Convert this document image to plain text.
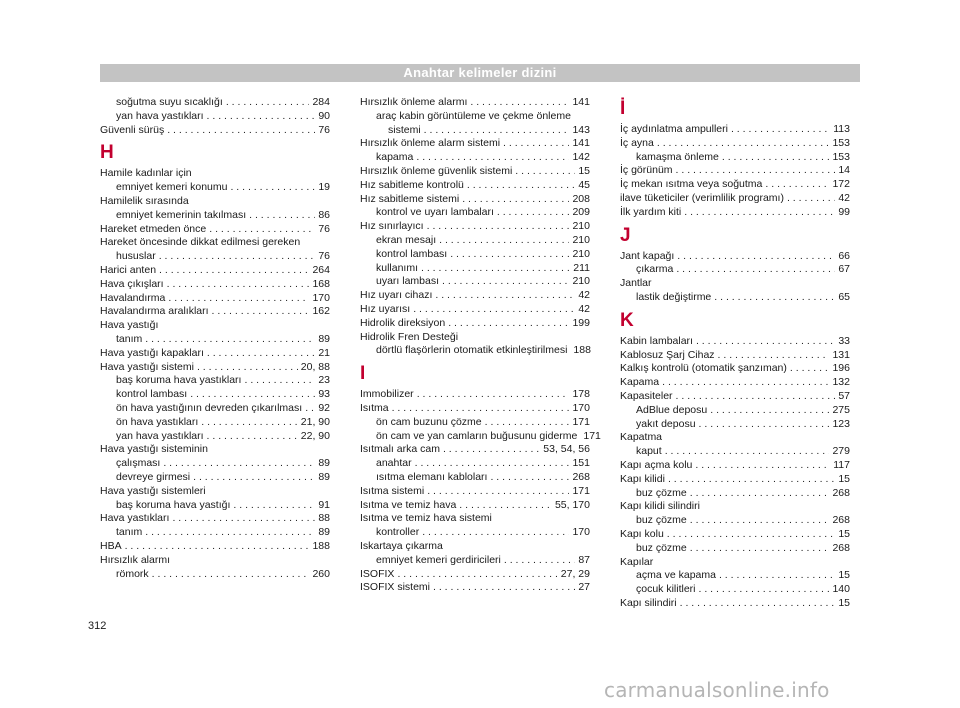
Anahtar kelimeler dizini
soğutma suyu sıcaklığı . . .	284
yan hava yastıkları . . .	90
Güvenli sürüş . . .	76
H
Hamile kadınlar için
emniyet kemeri konumu . . .	19
Hamilelik sırasında
emniyet kemerinin takılması . . .	86
Hareket etmeden önce . . .	76
Hareket öncesinde dikkat edilmesi gereken
hususlar . . .	76
Harici anten . . .	264
Hava çıkışları . . .	168
Havalandırma . . .	170
Havalandırma aralıkları . . .	162
Hava yastığı
tanım . . .	89
Hava yastığı kapakları . . .	21
Hava yastığı sistemi . . .	20, 88
baş koruma hava yastıkları . . .	23
kontrol lambası . . .	93
ön hava yastığının devreden çıkarılması . . . 92
ön hava yastıkları . . .	21, 90
yan hava yastıkları . . .	22, 90
Hava yastığı sisteminin
çalışması . . .	89
devreye girmesi . . .	89
Hava yastığı sistemleri
baş koruma hava yastığı . . .	91
Hava yastıkları . . .	88
tanım . . .	89
HBA . . .	188
Hırsızlık alarmı
römork . . .	260
Hırsızlık önleme alarmı . . .	141
araç kabin görüntüleme ve çekme önleme
sistemi . . .	143
Hırsızlık önleme alarm sistemi . . .	141
kapama . . .	142
Hırsızlık önleme güvenlik sistemi . . .	15
Hız sabitleme kontrolü . . .	45
Hız sabitleme sistemi . . .	208
kontrol ve uyarı lambaları . . .	209
Hız sınırlayıcı . . .	210
ekran mesajı . . .	210
kontrol lambası . . .	210
kullanımı . . .	211
uyarı lambası . . .	210
Hız uyarı cihazı . . .	42
Hız uyarısı . . .	42
Hidrolik direksiyon . . .	199
Hidrolik Fren Desteği
dörtlü flaşörlerin otomatik etkinleştirilmesi 188
I
Immobilizer . . .	178
Isıtma . . .	170
ön cam buzunu çözme . . .	171
ön cam ve yan camların buğusunu giderme 171
Isıtmalı arka cam . . .	53, 54, 56
anahtar . . .	151
ısıtma elemanı kabloları . . .	268
Isıtma sistemi . . .	171
Isıtma ve temiz hava . . .	55, 170
Isıtma ve temiz hava sistemi
kontroller . . .	170
Iskartaya çıkarma
emniyet kemeri gerdiricileri . . .	87
ISOFIX . . .	27, 29
ISOFIX sistemi . . .	27
İ
İç aydınlatma ampulleri . . .	113
İç ayna . . .	153
kamaşma önleme . . .	153
İç görünüm . . .	14
İç mekan ısıtma veya soğutma . . .	172
ilave tüketiciler (verimlilik programı) . . .	42
İlk yardım kiti . . .	99
J
Jant kapağı . . .	66
çıkarma . . .	67
Jantlar
lastik değiştirme . . .	65
K
Kabin lambaları . . .	33
Kablosuz Şarj Cihaz . . .	131
Kalkış kontrolü (otomatik şanzıman) . . .	196
Kapama . . .	132
Kapasiteler . . .	57
AdBlue deposu . . .	275
yakıt deposu . . .	123
Kapatma
kaput . . .	279
Kapı açma kolu . . .	117
Kapı kilidi . . .	15
buz çözme . . .	268
Kapı kilidi silindiri
buz çözme . . .	268
Kapı kolu . . .	15
buz çözme . . .	268
Kapılar
açma ve kapama . . .	15
çocuk kilitleri . . .	140
Kapı silindiri . . .	15
312
carmanualsonline.info
